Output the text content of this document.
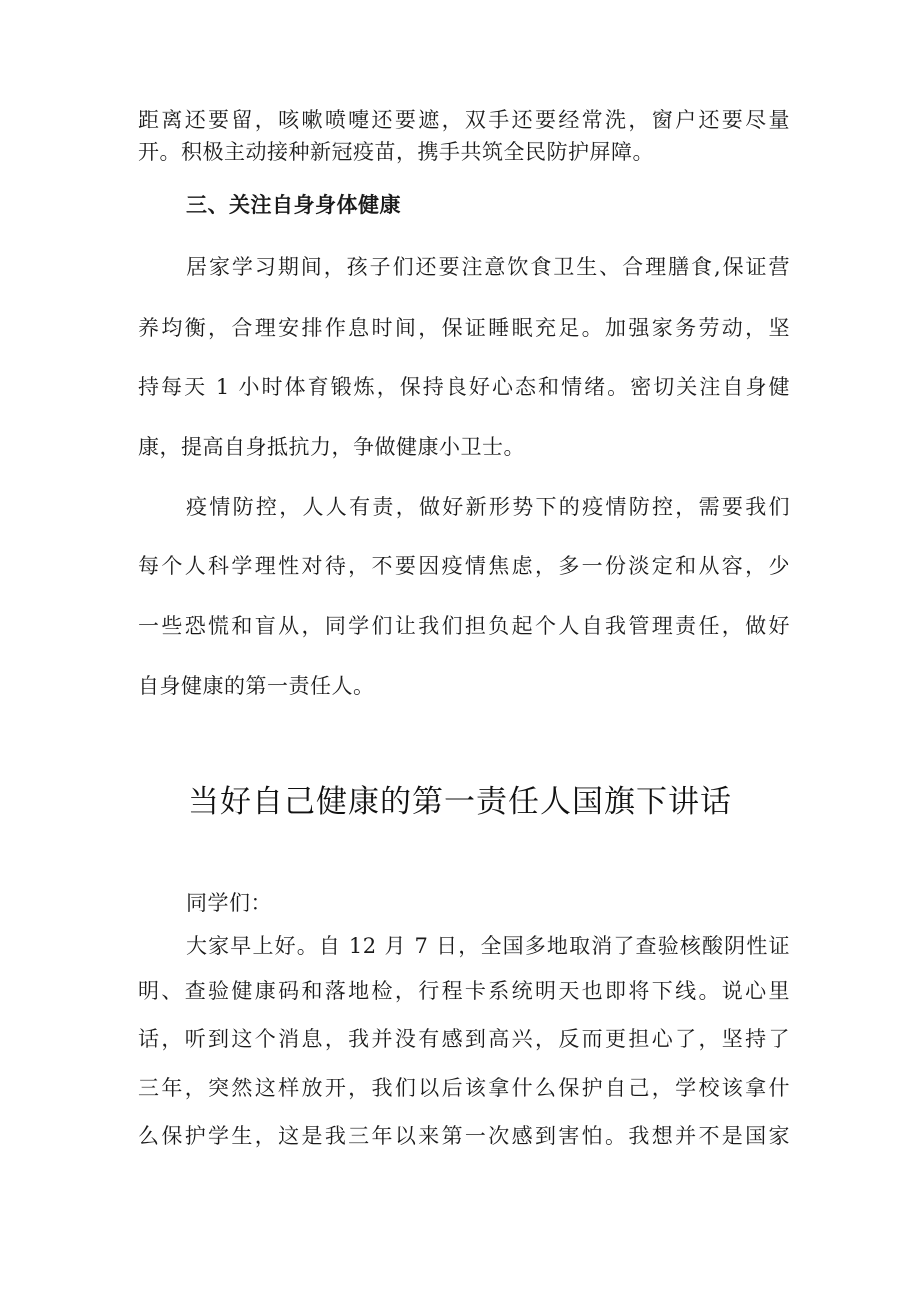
距离还要留，咳嗽喷嚏还要遮，双手还要经常洗，窗户还要尽量
开。积极主动接种新冠疫苗，携手共筑全民防护屏障。
三、关注自身身体健康
居家学习期间，孩子们还要注意饮食卫生、合理膳食,保证营
养均衡，合理安排作息时间，保证睡眠充足。加强家务劳动，坚
持每天 1 小时体育锻炼，保持良好心态和情绪。密切关注自身健
康，提高自身抵抗力，争做健康小卫士。
疫情防控，人人有责，做好新形势下的疫情防控，需要我们
每个人科学理性对待，不要因疫情焦虑，多一份淡定和从容，少
一些恐慌和盲从，同学们让我们担负起个人自我管理责任，做好
自身健康的第一责任人。
当好自己健康的第一责任人国旗下讲话
同学们：
大家早上好。自 12 月 7 日，全国多地取消了查验核酸阴性证
明、查验健康码和落地检，行程卡系统明天也即将下线。说心里
话，听到这个消息，我并没有感到高兴，反而更担心了，坚持了
三年，突然这样放开，我们以后该拿什么保护自己，学校该拿什
么保护学生，这是我三年以来第一次感到害怕。我想并不是国家
